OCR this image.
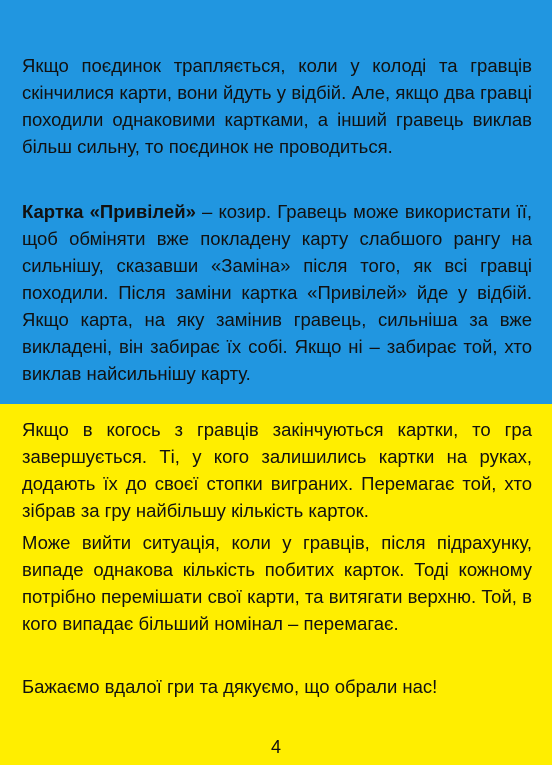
Якщо поєдинок трапляється, коли у колоді та гравців скінчилися карти, вони йдуть у відбій. Але, якщо два гравці походили однаковими картками, а інший гравець виклав більш сильну, то поєдинок не проводиться.

Картка «Привілей» – козир. Гравець може використати її, щоб обміняти вже покладену карту слабшого рангу на сильнішу, сказавши «Заміна» після того, як всі гравці походили. Після заміни картка «Привілей» йде у відбій. Якщо карта, на яку замінив гравець, сильніша за вже викладені, він забирає їх собі. Якщо ні – забирає той, хто виклав найсильнішу карту.

Якщо в когось з гравців закінчуються картки, то гра завершується. Ті, у кого залишились картки на руках, додають їх до своєї стопки виграних. Перемагає той, хто зібрав за гру найбільшу кількість карток.

Може вийти ситуація, коли у гравців, після підрахунку, випаде однакова кількість побитих карток. Тоді кожному потрібно перемішати свої карти, та витягати верхню. Той, в кого випадає більший номінал – перемагає.

Бажаємо вдалої гри та дякуємо, що обрали нас!

4
